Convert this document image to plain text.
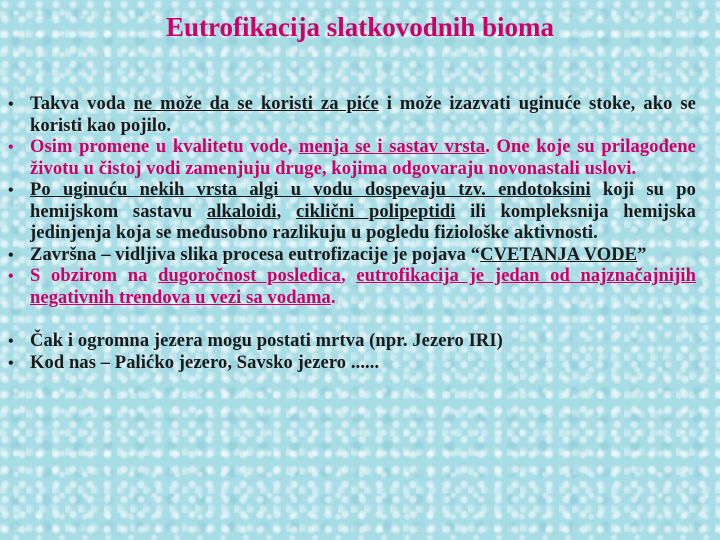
Eutrofikacija slatkovodnih bioma
• Takva voda ne može da se koristi za piće i može izazvati uginuće stoke, ako se koristi kao pojilo.
• Osim promene u kvalitetu vode, menja se i sastav vrsta. One koje su prilagođene životu u čistoj vodi zamenjuju druge, kojima odgovaraju novonastali uslovi.
• Po uginuću nekih vrsta algi u vodu dospevaju tzv. endotoksini koji su po hemijskom sastavu alkaloidi, ciklični polipeptidi ili kompleksnija hemijska jedinjenja koja se međusobno razlikuju u pogledu fiziološke aktivnosti.
• Završna – vidljiva slika procesa eutrofizacije je pojava “CVETANJA VODE”
• S obzirom na dugoročnost posledica, eutrofikacija je jedan od najznačajnijih negativnih trendova u vezi sa vodama.
• Čak i ogromna jezera mogu postati mrtva (npr. Jezero IRI)
• Kod nas – Palićko jezero, Savsko jezero ......
